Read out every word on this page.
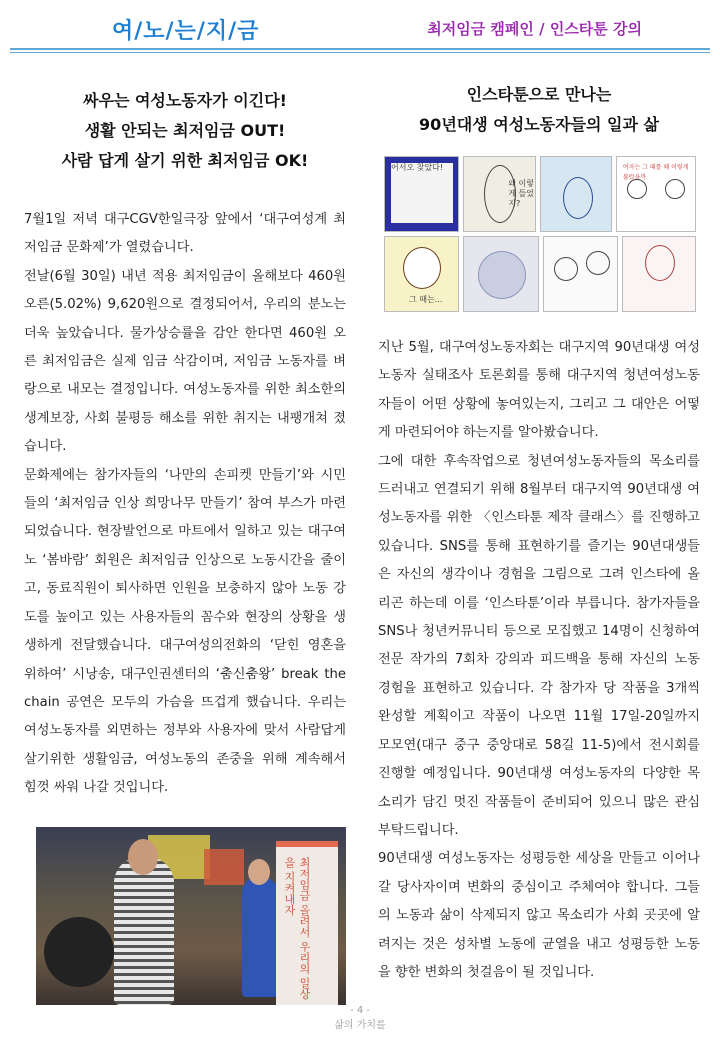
여/노/는/지/금	최저임금 캠페인 / 인스타툰 강의
싸우는 여성노동자가 이긴다!
생활 안되는 최저임금 OUT!
사람 답게 살기 위한 최저임금 OK!

7월1일 저녁 대구CGV한일극장 앞에서 ‘대구여성계 최저임금 문화제’가 열렸습니다.

전날(6월 30일) 내년 적용 최저임금이 올해보다 460원 오른(5.02%) 9,620원으로 결정되어서, 우리의 분노는 더욱 높았습니다. 물가상승률을 감안 한다면 460원 오른 최저임금은 실제 임금 삭감이며, 저임금 노동자를 벼랑으로 내모는 결정입니다. 여성노동자를 위한 최소한의 생계보장, 사회 불평등 해소를 위한 취지는 내팽개쳐 졌습니다.

문화제에는 참가자들의 ‘나만의 손피켓 만들기’와 시민들의 ‘최저임금 인상 희망나무 만들기’ 참여 부스가 마련 되었습니다. 현장발언으로 마트에서 일하고 있는 대구여노 ‘봄바람’ 회원은 최저임금 인상으로 노동시간을 줄이고, 동료직원이 퇴사하면 인원을 보충하지 않아 노동 강도를 높이고 있는 사용자들의 꼼수와 현장의 상황을 생생하게 전달했습니다. 대구여성의전화의 ‘닫힌 영혼을 위하여’ 시낭송, 대구인권센터의 ‘춤신춤왕’ break the chain 공연은 모두의 가슴을 뜨겁게 했습니다. 우리는 여성노동자를 외면하는 정부와 사용자에 맞서 사람답게 살기위한 생활임금, 여성노동의 존중을 위해 계속해서 힘껏 싸워 나갈 것입니다.

최저임금 올려서 우리의 일상을 지켜내자
인스타툰으로 만나는
90년대생 여성노동자들의 일과 삶
어서오 찾았다!
왜 이렇게 들었지?
여자는 그 때를 왜 이렇게 불렀을까
그 때는...

지난 5월, 대구여성노동자회는 대구지역 90년대생 여성노동자 실태조사 토론회를 통해 대구지역 청년여성노동자들이 어떤 상황에 놓여있는지, 그리고 그 대안은 어떻게 마련되어야 하는지를 알아봤습니다.

그에 대한 후속작업으로 청년여성노동자들의 목소리를 드러내고 연결되기 위해 8월부터 대구지역 90년대생 여성노동자를 위한 〈인스타툰 제작 클래스〉를 진행하고 있습니다. SNS를 통해 표현하기를 즐기는 90년대생들은 자신의 생각이나 경험을 그림으로 그려 인스타에 올리곤 하는데 이를 ‘인스타툰’이라 부릅니다. 참가자들을 SNS나 청년커뮤니티 등으로 모집했고 14명이 신청하여 전문 작가의 7회차 강의과 피드백을 통해 자신의 노동 경험을 표현하고 있습니다. 각 참가자 당 작품을 3개씩 완성할 계획이고 작품이 나오면 11월 17일-20일까지 모모연(대구 중구 중앙대로 58길 11-5)에서 전시회를 진행할 예정입니다. 90년대생 여성노동자의 다양한 목소리가 담긴 멋진 작품들이 준비되어 있으니 많은 관심 부탁드립니다.

90년대생 여성노동자는 성평등한 세상을 만들고 이어나갈 당사자이며 변화의 중심이고 주체여야 합니다. 그들의 노동과 삶이 삭제되지 않고 목소리가 사회 곳곳에 알려지는 것은 성차별 노동에 균열을 내고 성평등한 노동을 향한 변화의 첫걸음이 될 것입니다.

- 4 -
삶의 가치를
